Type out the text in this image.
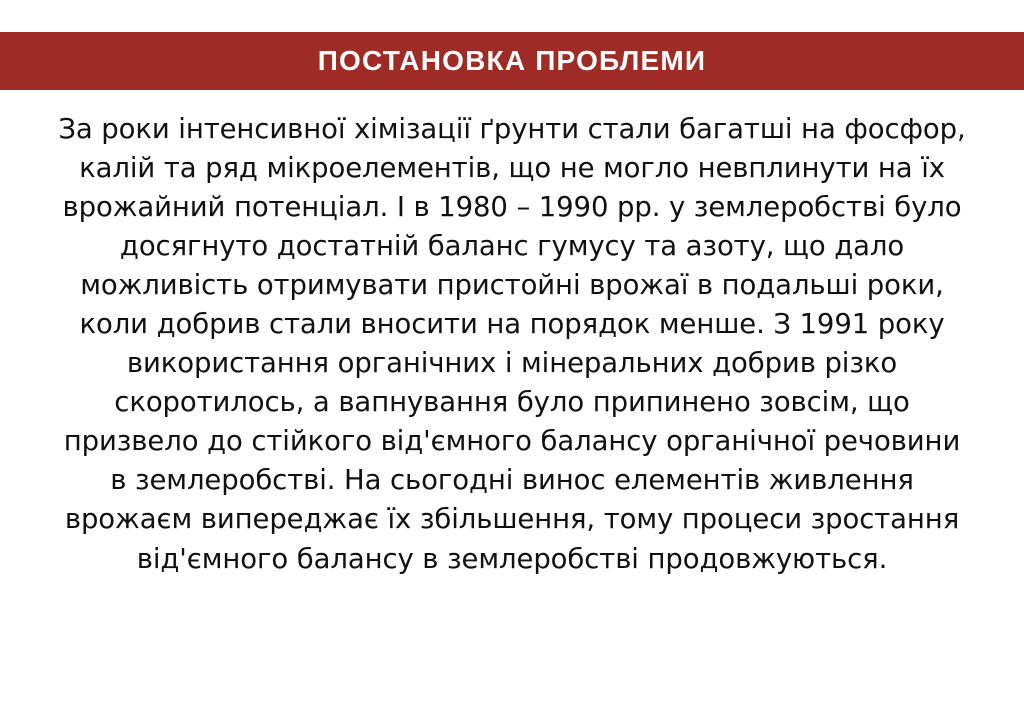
ПОСТАНОВКА ПРОБЛЕМИ

За роки інтенсивної хімізації ґрунти стали багатші на фосфор, калій та ряд мікроелементів, що не могло невплинути на їх врожайний потенціал. І в 1980 – 1990 рр. у землеробстві було досягнуто достатній баланс гумусу та азоту, що дало можливість отримувати пристойні врожаї в подальші роки, коли добрив стали вносити на порядок менше. З 1991 року використання органічних і мінеральних добрив різко скоротилось, а вапнування було припинено зовсім, що призвело до стійкого від'ємного балансу органічної речовини в землеробстві. На сьогодні винос елементів живлення врожаєм випереджає їх збільшення, тому процеси зростання від'ємного балансу в землеробстві продовжуються.
